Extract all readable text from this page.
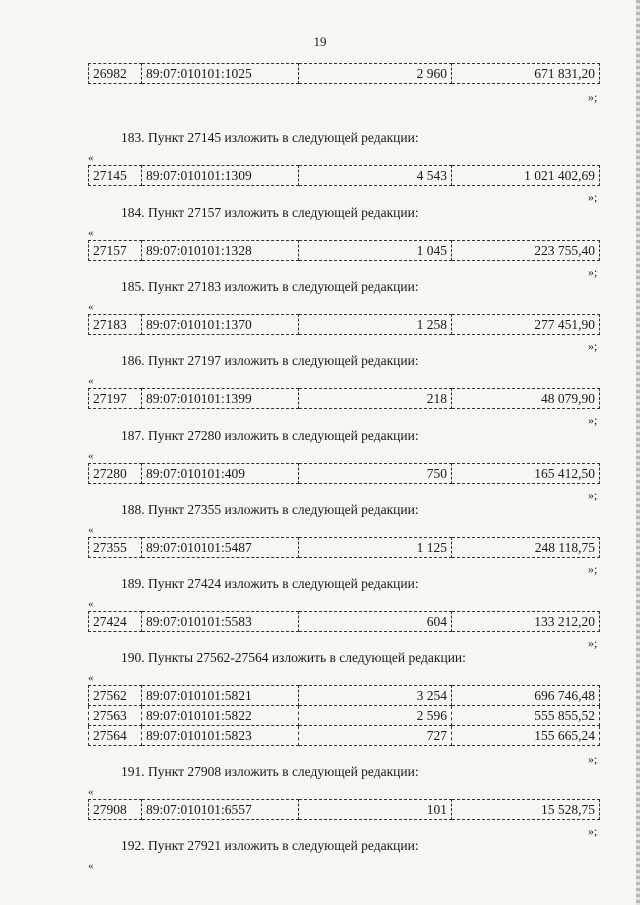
19
26982	89:07:010101:1025	2 960	671 831,20
»;
183. Пункт 27145 изложить в следующей редакции:
«
27145	89:07:010101:1309	4 543	1 021 402,69
»;
184. Пункт 27157 изложить в следующей редакции:
«
27157	89:07:010101:1328	1 045	223 755,40
»;
185. Пункт 27183 изложить в следующей редакции:
«
27183	89:07:010101:1370	1 258	277 451,90
»;
186. Пункт 27197 изложить в следующей редакции:
«
27197	89:07:010101:1399	218	48 079,90
»;
187. Пункт 27280 изложить в следующей редакции:
«
27280	89:07:010101:409	750	165 412,50
»;
188. Пункт 27355 изложить в следующей редакции:
«
27355	89:07:010101:5487	1 125	248 118,75
»;
189. Пункт 27424 изложить в следующей редакции:
«
27424	89:07:010101:5583	604	133 212,20
»;
190. Пункты 27562-27564 изложить в следующей редакции:
«
27562	89:07:010101:5821	3 254	696 746,48
27563	89:07:010101:5822	2 596	555 855,52
27564	89:07:010101:5823	727	155 665,24
»;
191. Пункт 27908 изложить в следующей редакции:
«
27908	89:07:010101:6557	101	15 528,75
»;
192. Пункт 27921 изложить в следующей редакции:
«
